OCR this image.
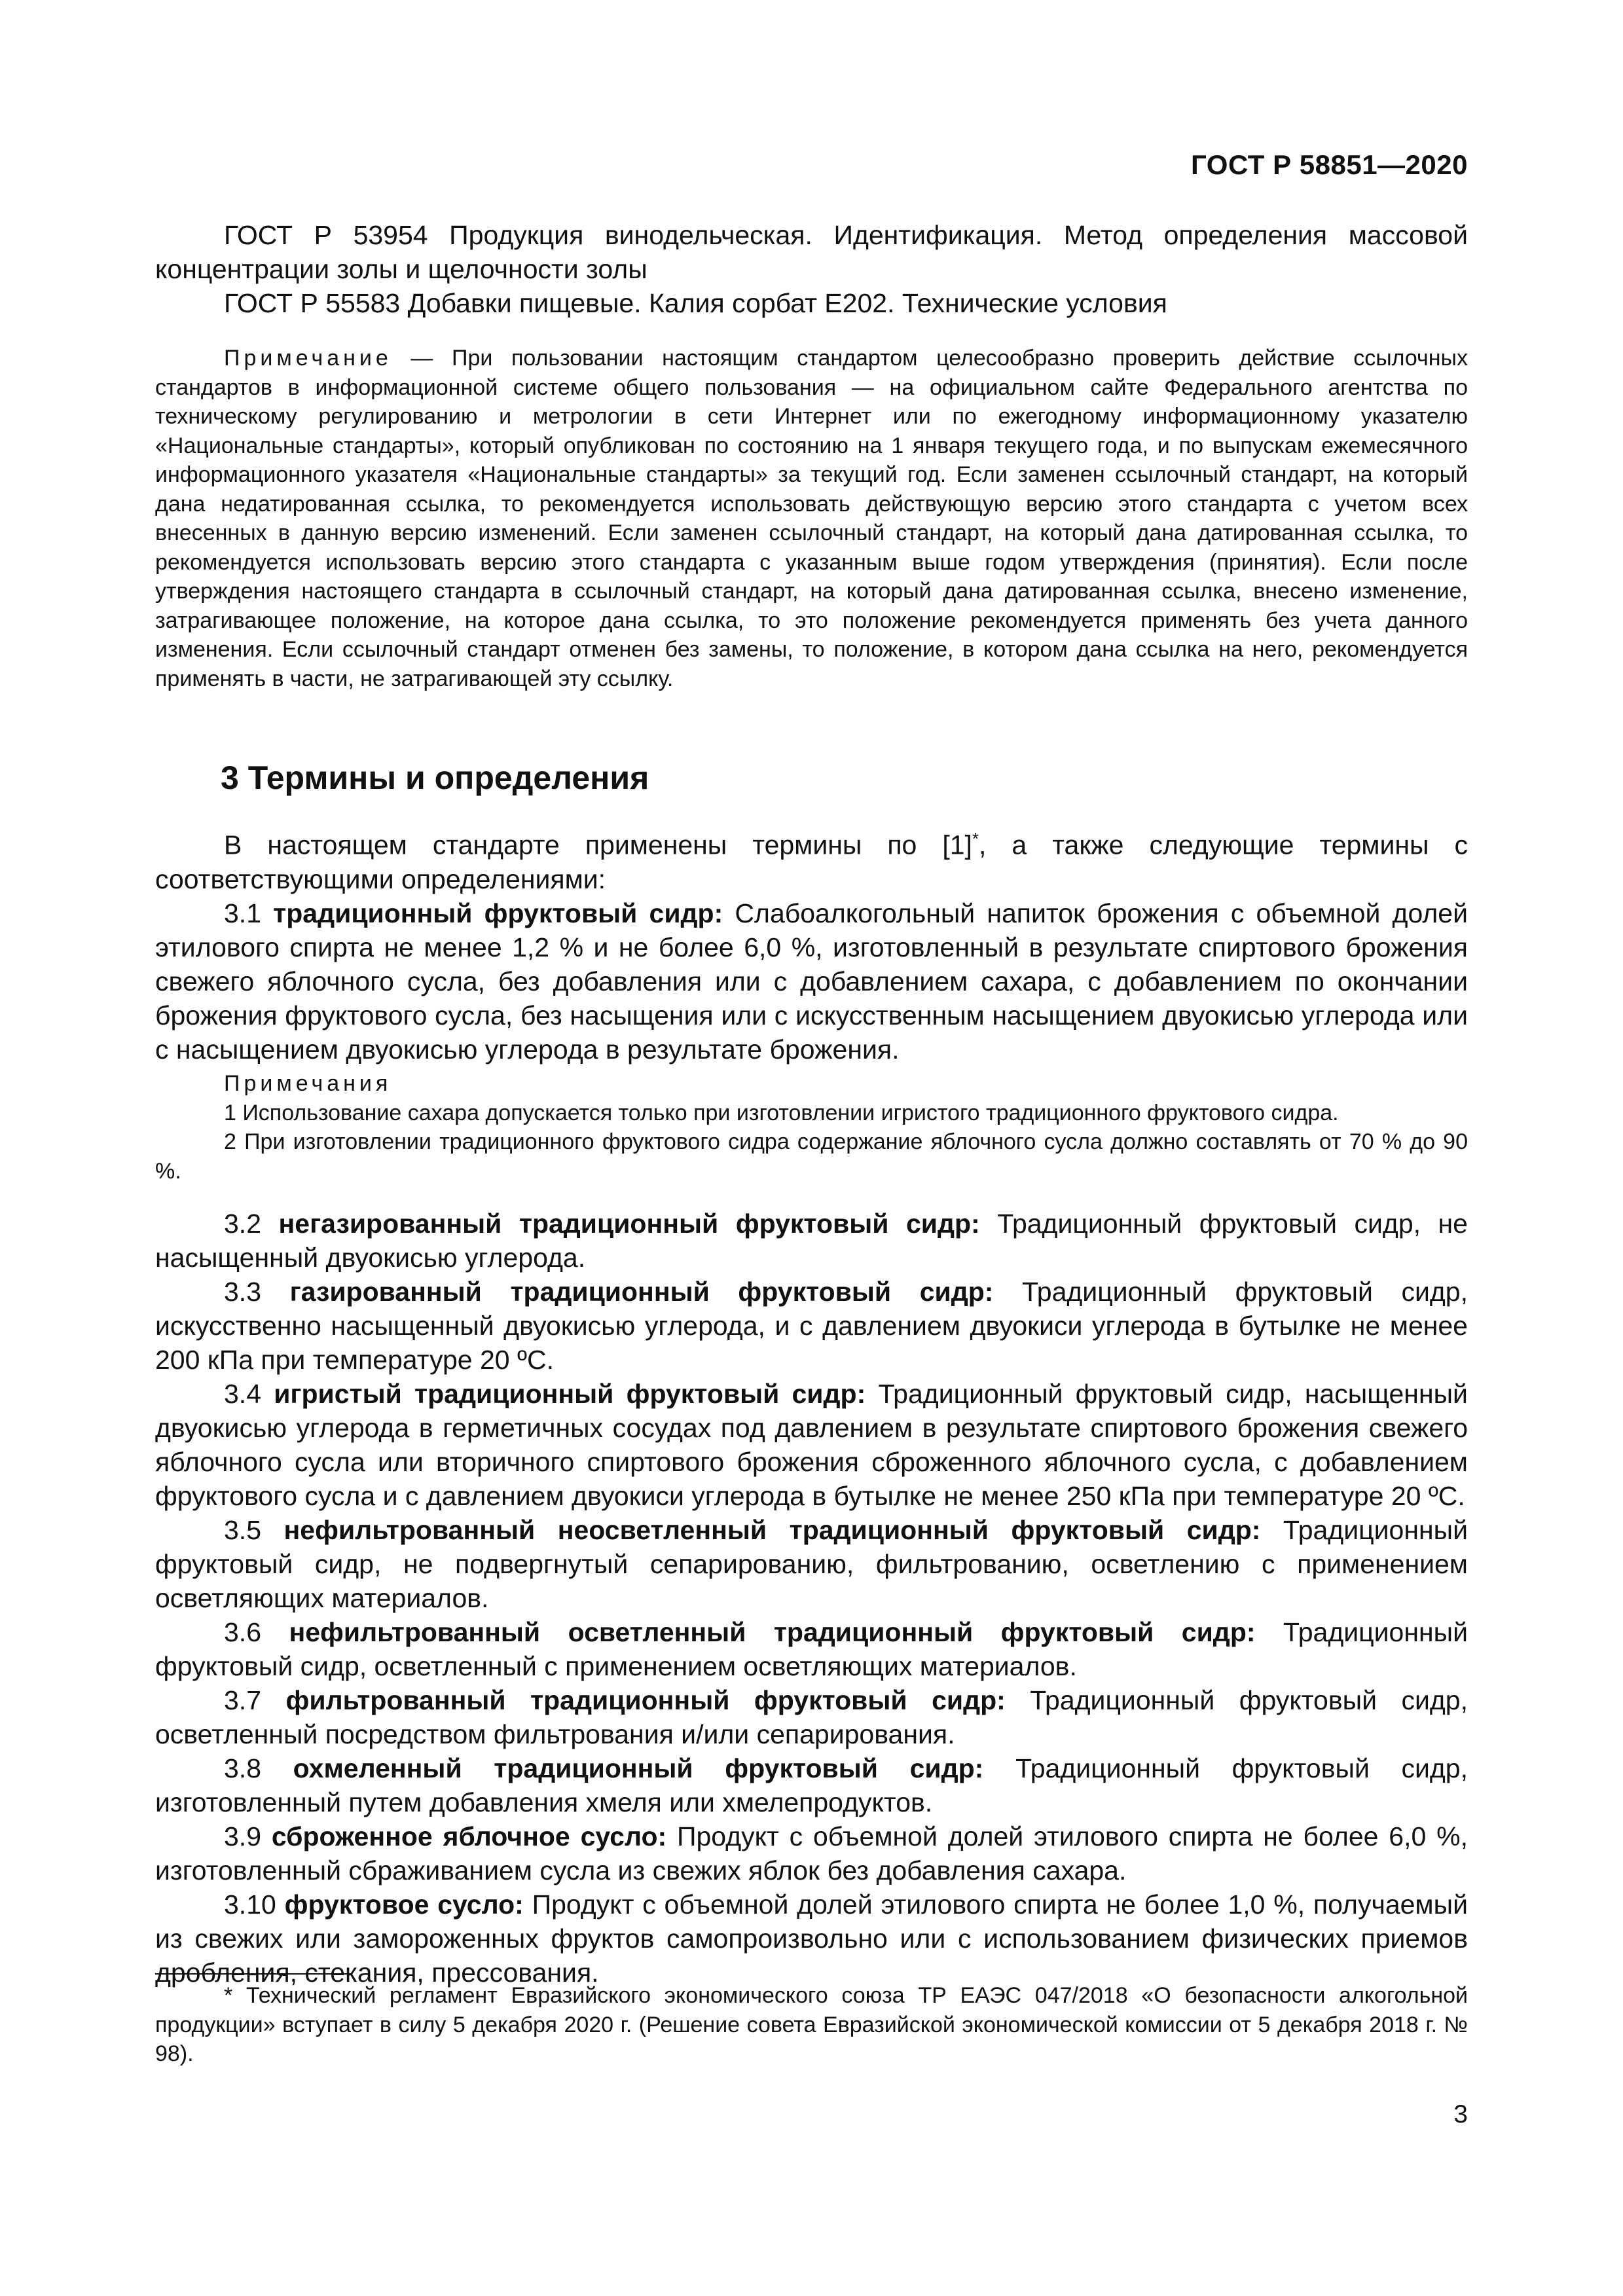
ГОСТ Р 58851—2020

ГОСТ Р 53954 Продукция винодельческая. Идентификация. Метод определения массовой концентрации золы и щелочности золы

ГОСТ Р 55583 Добавки пищевые. Калия сорбат Е202. Технические условия

Примечание — При пользовании настоящим стандартом целесообразно проверить действие ссылочных стандартов в информационной системе общего пользования — на официальном сайте Федерального агентства по техническому регулированию и метрологии в сети Интернет или по ежегодному информационному указателю «Национальные стандарты», который опубликован по состоянию на 1 января текущего года, и по выпускам ежемесячного информационного указателя «Национальные стандарты» за текущий год. Если заменен ссылочный стандарт, на который дана недатированная ссылка, то рекомендуется использовать действующую версию этого стандарта с учетом всех внесенных в данную версию изменений. Если заменен ссылочный стандарт, на который дана датированная ссылка, то рекомендуется использовать версию этого стандарта с указанным выше годом утверждения (принятия). Если после утверждения настоящего стандарта в ссылочный стандарт, на который дана датированная ссылка, внесено изменение, затрагивающее положение, на которое дана ссылка, то это положение рекомендуется применять без учета данного изменения. Если ссылочный стандарт отменен без замены, то положение, в котором дана ссылка на него, рекомендуется применять в части, не затрагивающей эту ссылку.

3 Термины и определения

В настоящем стандарте применены термины по [1]*, а также следующие термины с соответствующими определениями:

3.1 традиционный фруктовый сидр: Слабоалкогольный напиток брожения с объемной долей этилового спирта не менее 1,2 % и не более 6,0 %, изготовленный в результате спиртового брожения свежего яблочного сусла, без добавления или с добавлением сахара, с добавлением по окончании брожения фруктового сусла, без насыщения или с искусственным насыщением двуокисью углерода или с насыщением двуокисью углерода в результате брожения.

Примечания

1 Использование сахара допускается только при изготовлении игристого традиционного фруктового сидра.

2 При изготовлении традиционного фруктового сидра содержание яблочного сусла должно составлять от 70 % до 90 %.

3.2 негазированный традиционный фруктовый сидр: Традиционный фруктовый сидр, не насыщенный двуокисью углерода.

3.3 газированный традиционный фруктовый сидр: Традиционный фруктовый сидр, искусственно насыщенный двуокисью углерода, и с давлением двуокиси углерода в бутылке не менее 200 кПа при температуре 20 ºС.

3.4 игристый традиционный фруктовый сидр: Традиционный фруктовый сидр, насыщенный двуокисью углерода в герметичных сосудах под давлением в результате спиртового брожения свежего яблочного сусла или вторичного спиртового брожения сброженного яблочного сусла, с добавлением фруктового сусла и с давлением двуокиси углерода в бутылке не менее 250 кПа при температуре 20 ºС.

3.5 нефильтрованный неосветленный традиционный фруктовый сидр: Традиционный фруктовый сидр, не подвергнутый сепарированию, фильтрованию, осветлению с применением осветляющих материалов.

3.6 нефильтрованный осветленный традиционный фруктовый сидр: Традиционный фруктовый сидр, осветленный с применением осветляющих материалов.

3.7 фильтрованный традиционный фруктовый сидр: Традиционный фруктовый сидр, осветленный посредством фильтрования и/или сепарирования.

3.8 охмеленный традиционный фруктовый сидр: Традиционный фруктовый сидр, изготовленный путем добавления хмеля или хмелепродуктов.

3.9 сброженное яблочное сусло: Продукт с объемной долей этилового спирта не более 6,0 %, изготовленный сбраживанием сусла из свежих яблок без добавления сахара.

3.10 фруктовое сусло: Продукт с объемной долей этилового спирта не более 1,0 %, получаемый из свежих или замороженных фруктов самопроизвольно или с использованием физических приемов дробления, стекания, прессования.

* Технический регламент Евразийского экономического союза ТР ЕАЭС 047/2018 «О безопасности алкогольной продукции» вступает в силу 5 декабря 2020 г. (Решение совета Евразийской экономической комиссии от 5 декабря 2018 г. № 98).

3
